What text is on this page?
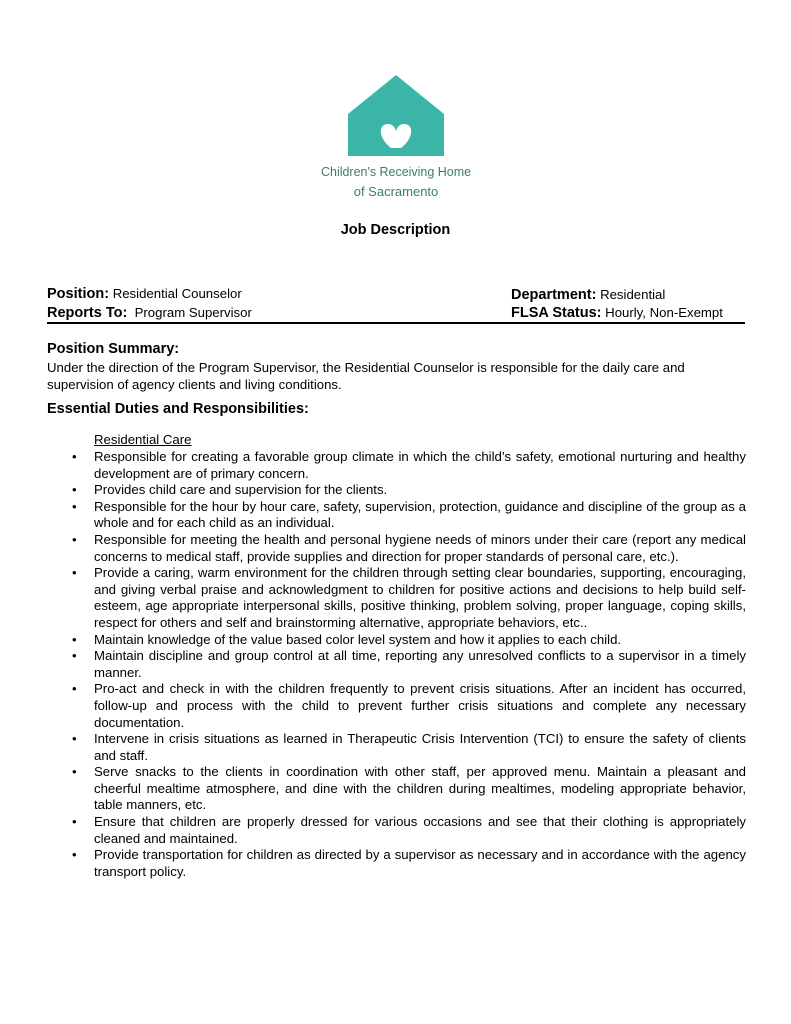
Children's Receiving Home
of Sacramento
Job Description
Position: Residential Counselor
Reports To: Program Supervisor
Department: Residential
FLSA Status: Hourly, Non-Exempt
Position Summary:
Under the direction of the Program Supervisor, the Residential Counselor is responsible for the daily care and supervision of agency clients and living conditions.
Essential Duties and Responsibilities:
Residential Care
• Responsible for creating a favorable group climate in which the child’s safety, emotional nurturing and healthy development are of primary concern.
• Provides child care and supervision for the clients.
• Responsible for the hour by hour care, safety, supervision, protection, guidance and discipline of the group as a whole and for each child as an individual.
• Responsible for meeting the health and personal hygiene needs of minors under their care (report any medical concerns to medical staff, provide supplies and direction for proper standards of personal care, etc.).
• Provide a caring, warm environment for the children through setting clear boundaries, supporting, encouraging, and giving verbal praise and acknowledgment to children for positive actions and decisions to help build self-esteem, age appropriate interpersonal skills, positive thinking, problem solving, proper language, coping skills, respect for others and self and brainstorming alternative, appropriate behaviors, etc..
• Maintain knowledge of the value based color level system and how it applies to each child.
• Maintain discipline and group control at all time, reporting any unresolved conflicts to a supervisor in a timely manner.
• Pro-act and check in with the children frequently to prevent crisis situations. After an incident has occurred, follow-up and process with the child to prevent further crisis situations and complete any necessary documentation.
• Intervene in crisis situations as learned in Therapeutic Crisis Intervention (TCI) to ensure the safety of clients and staff.
• Serve snacks to the clients in coordination with other staff, per approved menu. Maintain a pleasant and cheerful mealtime atmosphere, and dine with the children during mealtimes, modeling appropriate behavior, table manners, etc.
• Ensure that children are properly dressed for various occasions and see that their clothing is appropriately cleaned and maintained.
• Provide transportation for children as directed by a supervisor as necessary and in accordance with the agency transport policy.
